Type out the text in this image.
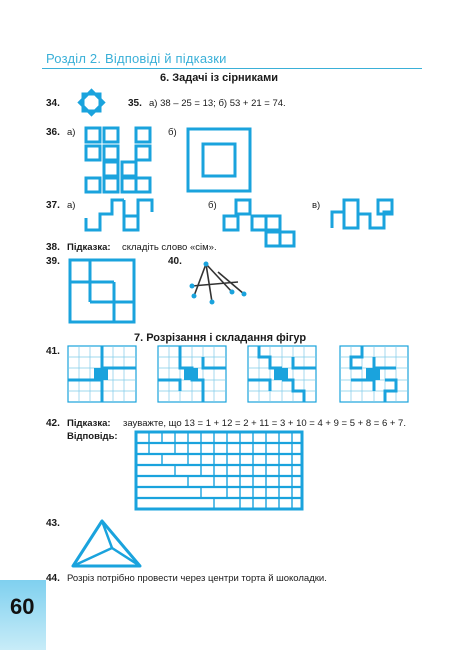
Розділ 2. Відповіді й підказки
6. Задачі із сірниками
34.	35. а) 38 – 25 = 13; б) 53 + 21 = 74.
36. а)	б)
37. а)	б)	в)
38. Підказка: складіть слово «сім».
39.	40.
7. Розрізання і складання фігур
41.
42. Підказка: зауважте, що 13 = 1 + 12 = 2 + 11 = 3 + 10 = 4 + 9 = 5 + 8 = 6 + 7.
Відповідь:
43.
44. Розріз потрібно провести через центри торта й шоколадки.
60
